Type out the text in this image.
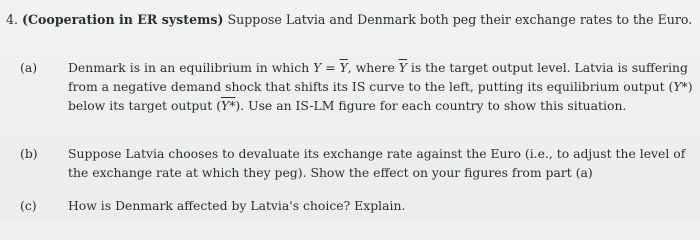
4. (Cooperation in ER systems) Suppose Latvia and Denmark both peg their exchange rates to the Euro.
(a) Denmark is in an equilibrium in which $Y = \overline{Y}$, where $\overline{Y}$ is the target output level. Latvia is suffering from a negative demand shock that shifts its IS curve to the left, putting its equilibrium output (Y*) below its target output (Y*). Use an IS-LM figure for each country to show this situation.
(b) Suppose Latvia chooses to devaluate its exchange rate against the Euro (i.e., to adjust the level of the exchange rate at which they peg). Show the effect on your figures from part (a)
(c)	How is Denmark affected by Latvia's choice? Explain.
